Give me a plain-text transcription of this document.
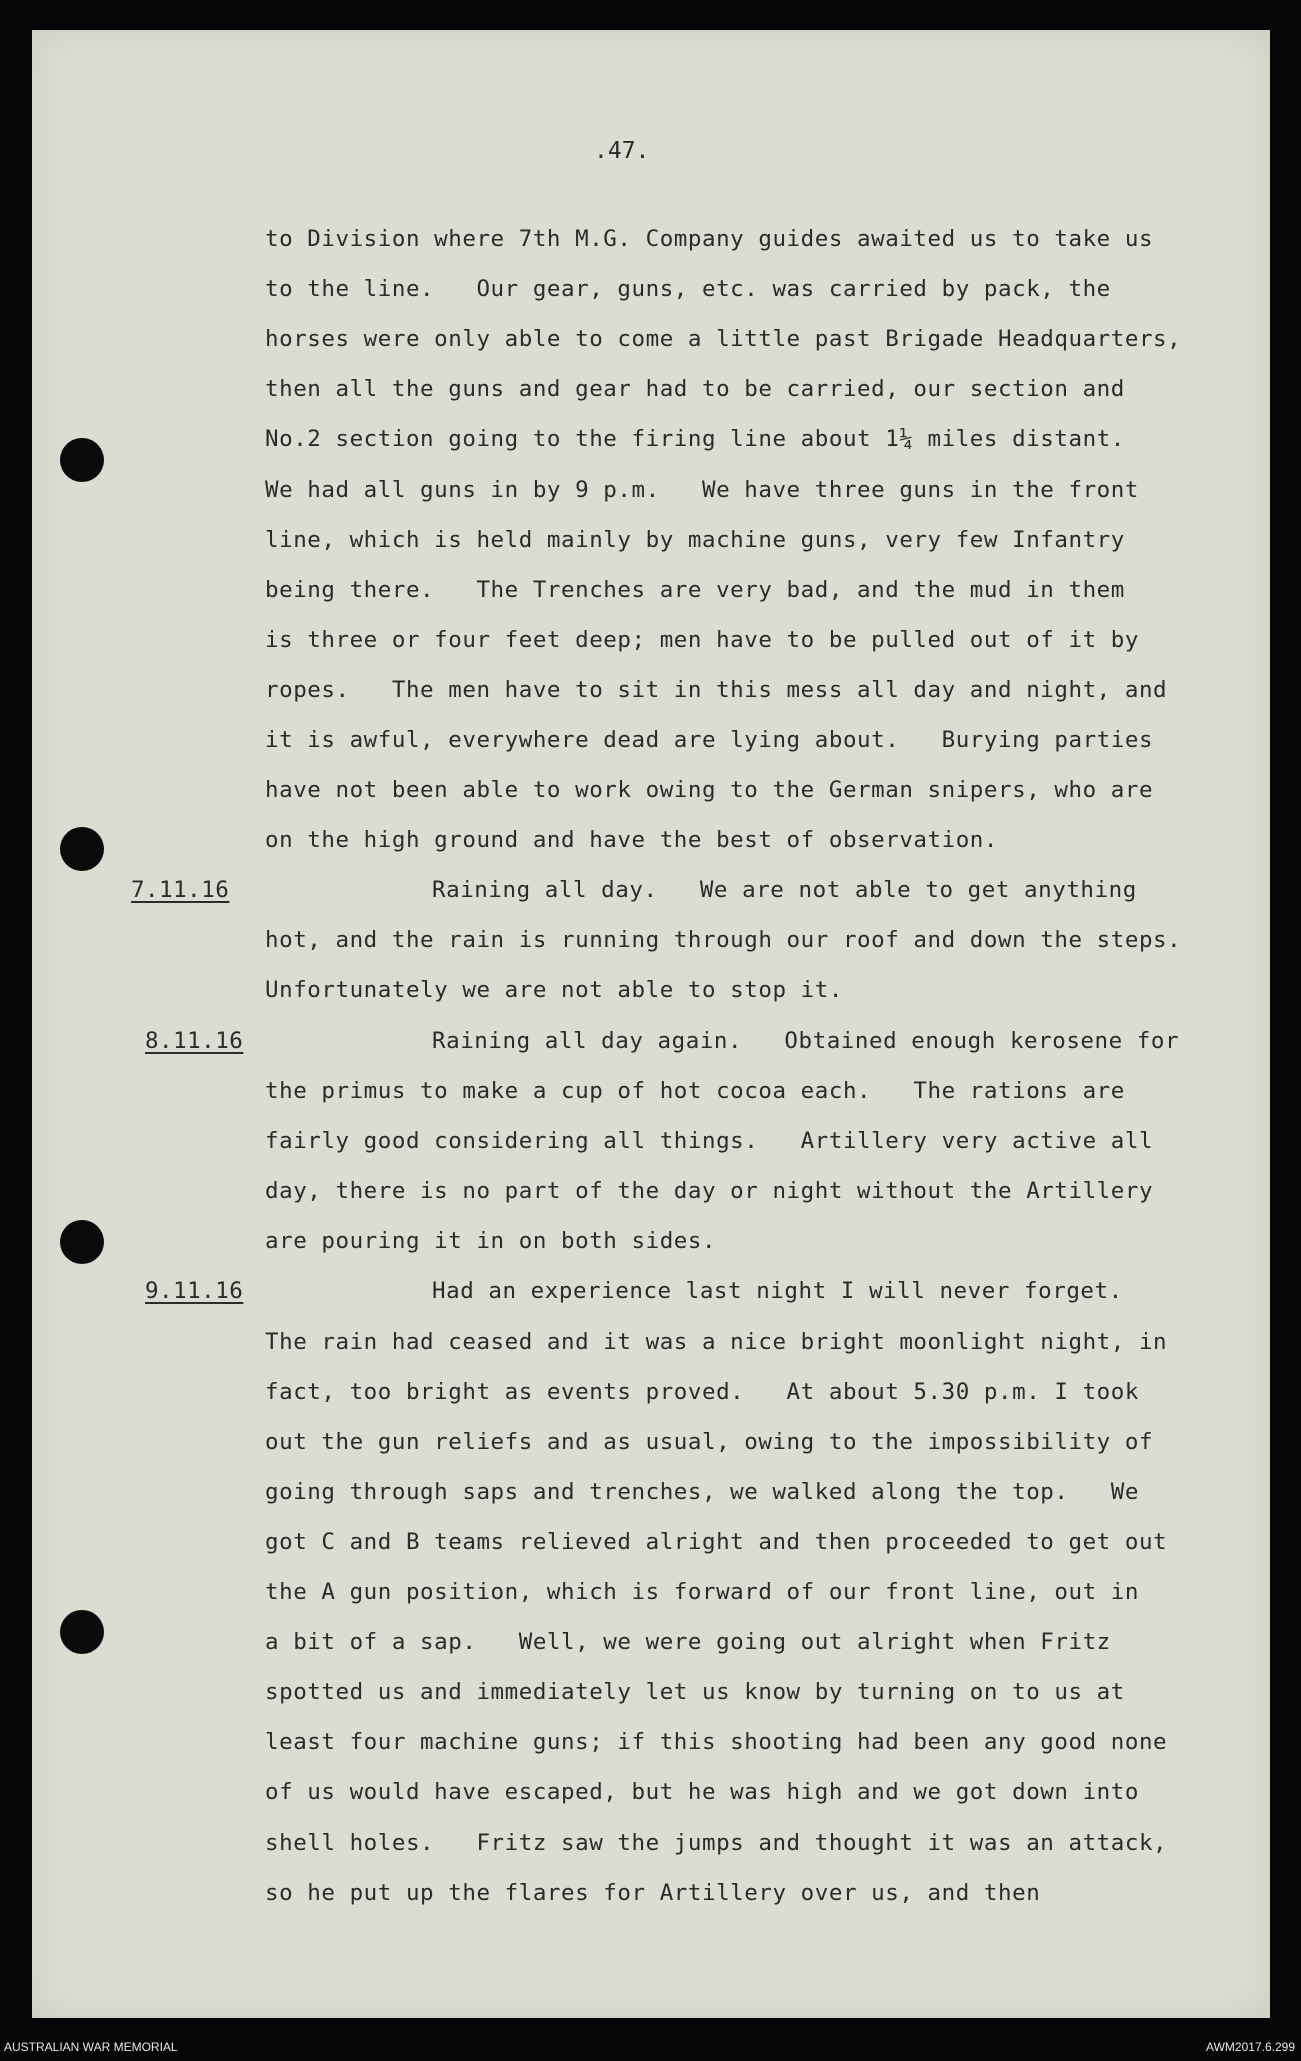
.47.
to Division where 7th M.G. Company guides awaited us to take us
to the line.   Our gear, guns, etc. was carried by pack, the
horses were only able to come a little past Brigade Headquarters,
then all the guns and gear had to be carried, our section and
No.2 section going to the firing line about 1¼ miles distant.
We had all guns in by 9 p.m.   We have three guns in the front
line, which is held mainly by machine guns, very few Infantry
being there.   The Trenches are very bad, and the mud in them
is three or four feet deep; men have to be pulled out of it by
ropes.   The men have to sit in this mess all day and night, and
it is awful, everywhere dead are lying about.   Burying parties
have not been able to work owing to the German snipers, who are
on the high ground and have the best of observation.
7.11.16	Raining all day.   We are not able to get anything
hot, and the rain is running through our roof and down the steps.
Unfortunately we are not able to stop it.
8.11.16	Raining all day again.   Obtained enough kerosene for
the primus to make a cup of hot cocoa each.   The rations are
fairly good considering all things.   Artillery very active all
day, there is no part of the day or night without the Artillery
are pouring it in on both sides.
9.11.16	Had an experience last night I will never forget.
The rain had ceased and it was a nice bright moonlight night, in
fact, too bright as events proved.   At about 5.30 p.m. I took
out the gun reliefs and as usual, owing to the impossibility of
going through saps and trenches, we walked along the top.   We
got C and B teams relieved alright and then proceeded to get out
the A gun position, which is forward of our front line, out in
a bit of a sap.   Well, we were going out alright when Fritz
spotted us and immediately let us know by turning on to us at
least four machine guns; if this shooting had been any good none
of us would have escaped, but he was high and we got down into
shell holes.   Fritz saw the jumps and thought it was an attack,
so he put up the flares for Artillery over us, and then
AUSTRALIAN WAR MEMORIAL	AWM2017.6.299
